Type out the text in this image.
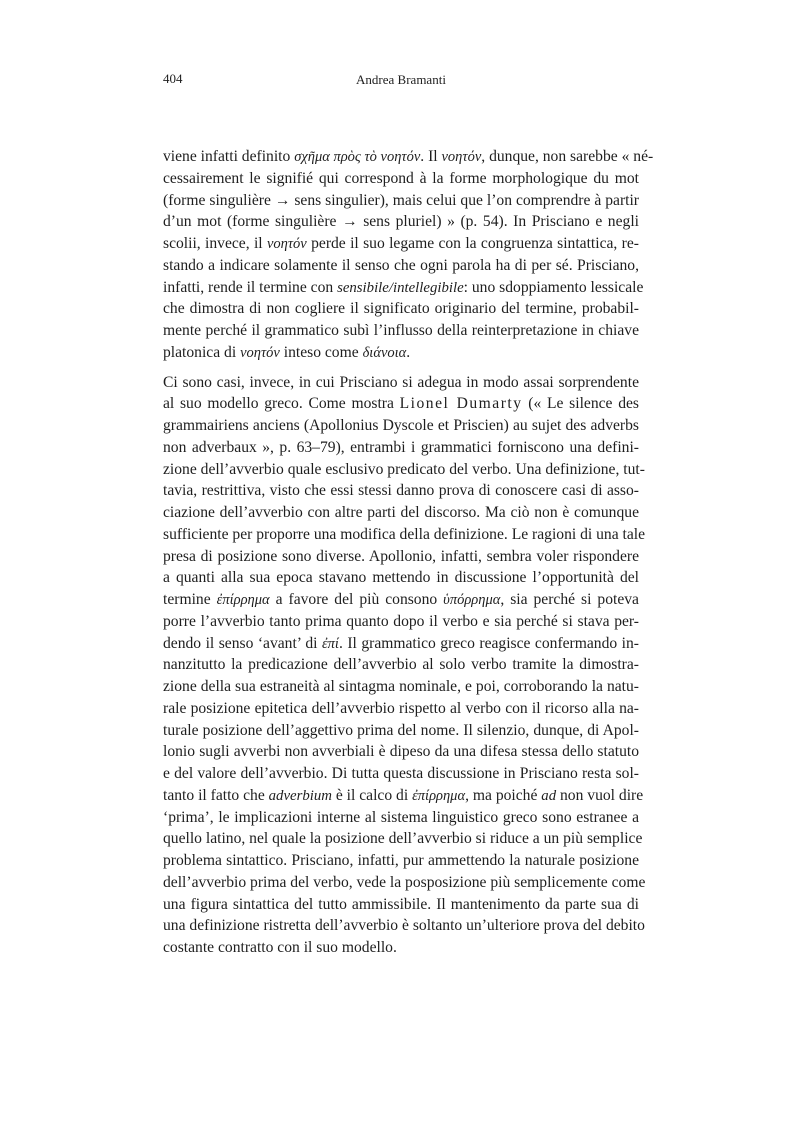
404	Andrea Bramanti
viene infatti definito σχῆμα πρὸς τὸ νοητόν. Il νοητόν, dunque, non sarebbe « né-
cessairement le signifié qui correspond à la forme morphologique du mot
(forme singulière → sens singulier), mais celui que l’on comprendre à partir
d’un mot (forme singulière → sens pluriel) » (p. 54). In Prisciano e negli
scolii, invece, il νοητόν perde il suo legame con la congruenza sintattica, re-
stando a indicare solamente il senso che ogni parola ha di per sé. Prisciano,
infatti, rende il termine con sensibile/intellegibile: uno sdoppiamento lessicale
che dimostra di non cogliere il significato originario del termine, probabil-
mente perché il grammatico subì l’influsso della reinterpretazione in chiave
platonica di νοητόν inteso come διάνοια.
Ci sono casi, invece, in cui Prisciano si adegua in modo assai sorprendente
al suo modello greco. Come mostra Lionel Dumarty (« Le silence des
grammairiens anciens (Apollonius Dyscole et Priscien) au sujet des adverbs
non adverbaux », p. 63–79), entrambi i grammatici forniscono una defini-
zione dell’avverbio quale esclusivo predicato del verbo. Una definizione, tut-
tavia, restrittiva, visto che essi stessi danno prova di conoscere casi di asso-
ciazione dell’avverbio con altre parti del discorso. Ma ciò non è comunque
sufficiente per proporre una modifica della definizione. Le ragioni di una tale
presa di posizione sono diverse. Apollonio, infatti, sembra voler rispondere
a quanti alla sua epoca stavano mettendo in discussione l’opportunità del
termine ἐπίρρημα a favore del più consono ὑπόρρημα, sia perché si poteva
porre l’avverbio tanto prima quanto dopo il verbo e sia perché si stava per-
dendo il senso ‘avant’ di ἐπί. Il grammatico greco reagisce confermando in-
nanzitutto la predicazione dell’avverbio al solo verbo tramite la dimostra-
zione della sua estraneità al sintagma nominale, e poi, corroborando la natu-
rale posizione epitetica dell’avverbio rispetto al verbo con il ricorso alla na-
turale posizione dell’aggettivo prima del nome. Il silenzio, dunque, di Apol-
lonio sugli avverbi non avverbiali è dipeso da una difesa stessa dello statuto
e del valore dell’avverbio. Di tutta questa discussione in Prisciano resta sol-
tanto il fatto che adverbium è il calco di ἐπίρρημα, ma poiché ad non vuol dire
‘prima’, le implicazioni interne al sistema linguistico greco sono estranee a
quello latino, nel quale la posizione dell’avverbio si riduce a un più semplice
problema sintattico. Prisciano, infatti, pur ammettendo la naturale posizione
dell’avverbio prima del verbo, vede la posposizione più semplicemente come
una figura sintattica del tutto ammissibile. Il mantenimento da parte sua di
una definizione ristretta dell’avverbio è soltanto un’ulteriore prova del debito
costante contratto con il suo modello.
